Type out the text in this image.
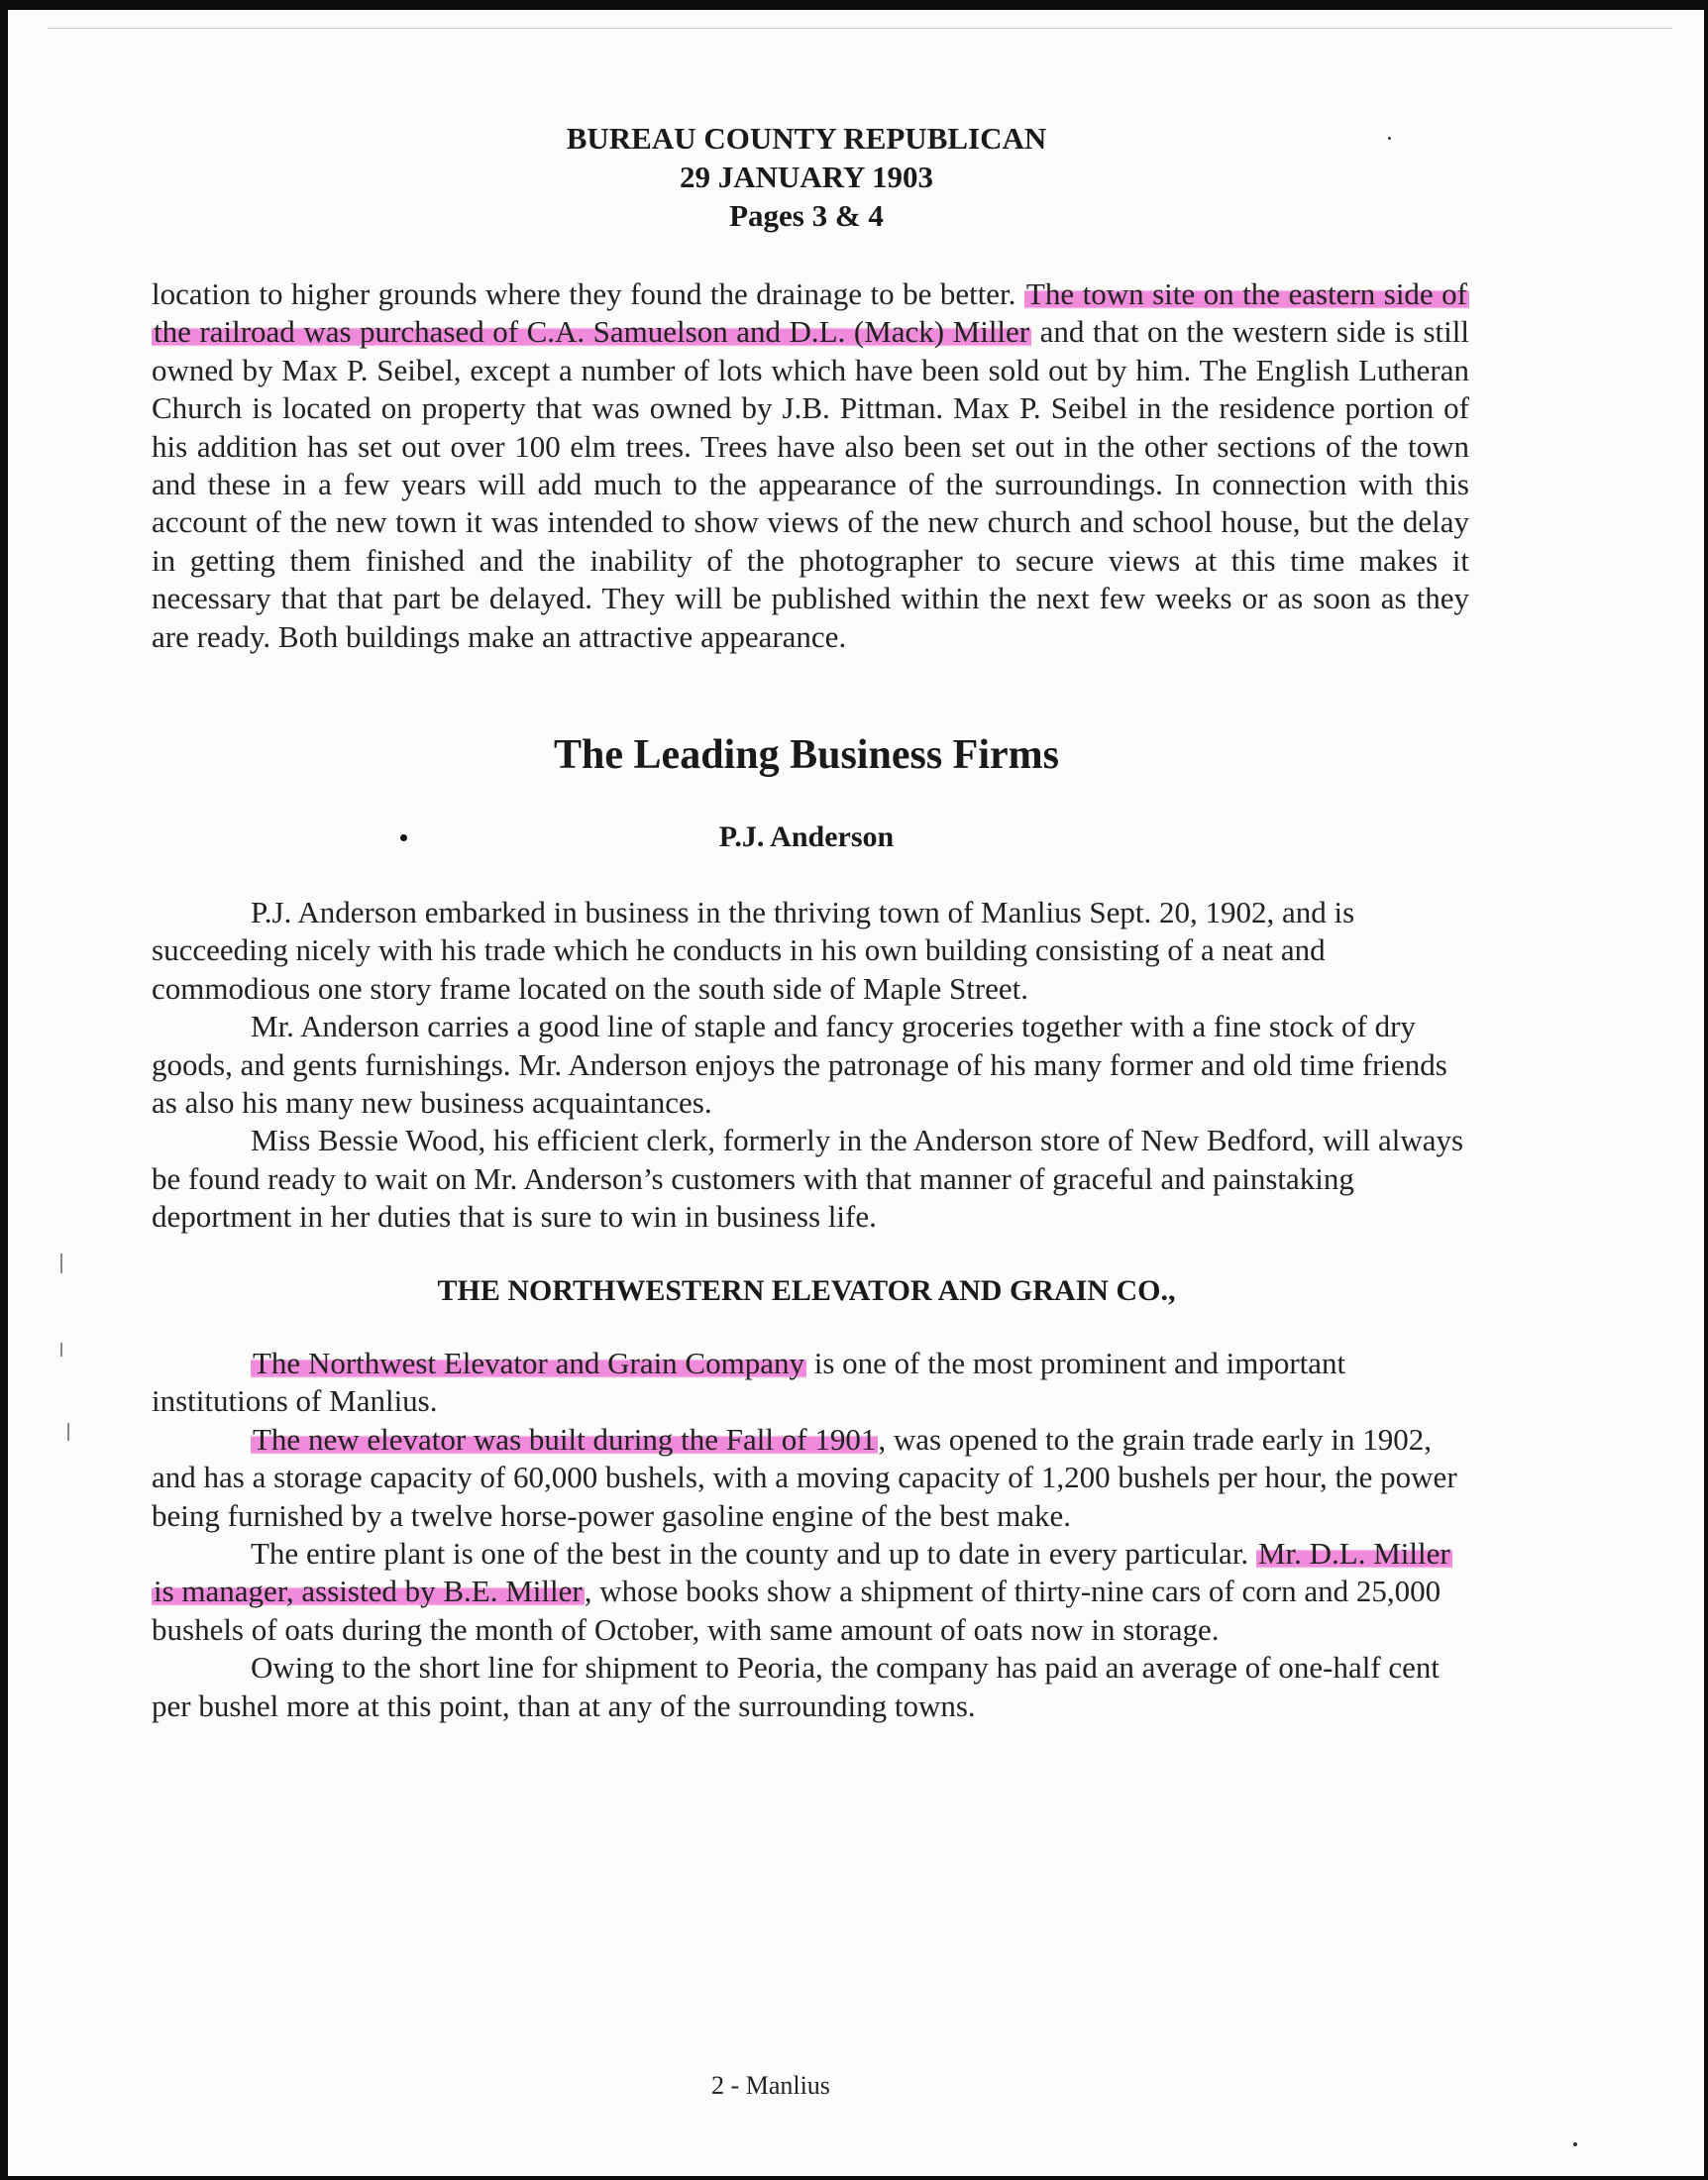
BUREAU COUNTY REPUBLICAN
29 JANUARY 1903
Pages 3 & 4
location to higher grounds where they found the drainage to be better. The town site on the eastern side of the railroad was purchased of C.A. Samuelson and D.L. (Mack) Miller and that on the western side is still owned by Max P. Seibel, except a number of lots which have been sold out by him. The English Lutheran Church is located on property that was owned by J.B. Pittman. Max P. Seibel in the residence portion of his addition has set out over 100 elm trees. Trees have also been set out in the other sections of the town and these in a few years will add much to the appearance of the surroundings. In connection with this account of the new town it was intended to show views of the new church and school house, but the delay in getting them finished and the inability of the photographer to secure views at this time makes it necessary that that part be delayed. They will be published within the next few weeks or as soon as they are ready. Both buildings make an attractive appearance.
The Leading Business Firms
P.J. Anderson
P.J. Anderson embarked in business in the thriving town of Manlius Sept. 20, 1902, and is succeeding nicely with his trade which he conducts in his own building consisting of a neat and commodious one story frame located on the south side of Maple Street.
Mr. Anderson carries a good line of staple and fancy groceries together with a fine stock of dry goods, and gents furnishings. Mr. Anderson enjoys the patronage of his many former and old time friends as also his many new business acquaintances.
Miss Bessie Wood, his efficient clerk, formerly in the Anderson store of New Bedford, will always be found ready to wait on Mr. Anderson’s customers with that manner of graceful and painstaking deportment in her duties that is sure to win in business life.
THE NORTHWESTERN ELEVATOR AND GRAIN CO.,
The Northwest Elevator and Grain Company is one of the most prominent and important institutions of Manlius.
The new elevator was built during the Fall of 1901, was opened to the grain trade early in 1902, and has a storage capacity of 60,000 bushels, with a moving capacity of 1,200 bushels per hour, the power being furnished by a twelve horse-power gasoline engine of the best make.
The entire plant is one of the best in the county and up to date in every particular. Mr. D.L. Miller is manager, assisted by B.E. Miller, whose books show a shipment of thirty-nine cars of corn and 25,000 bushels of oats during the month of October, with same amount of oats now in storage.
Owing to the short line for shipment to Peoria, the company has paid an average of one-half cent per bushel more at this point, than at any of the surrounding towns.
2 - Manlius
